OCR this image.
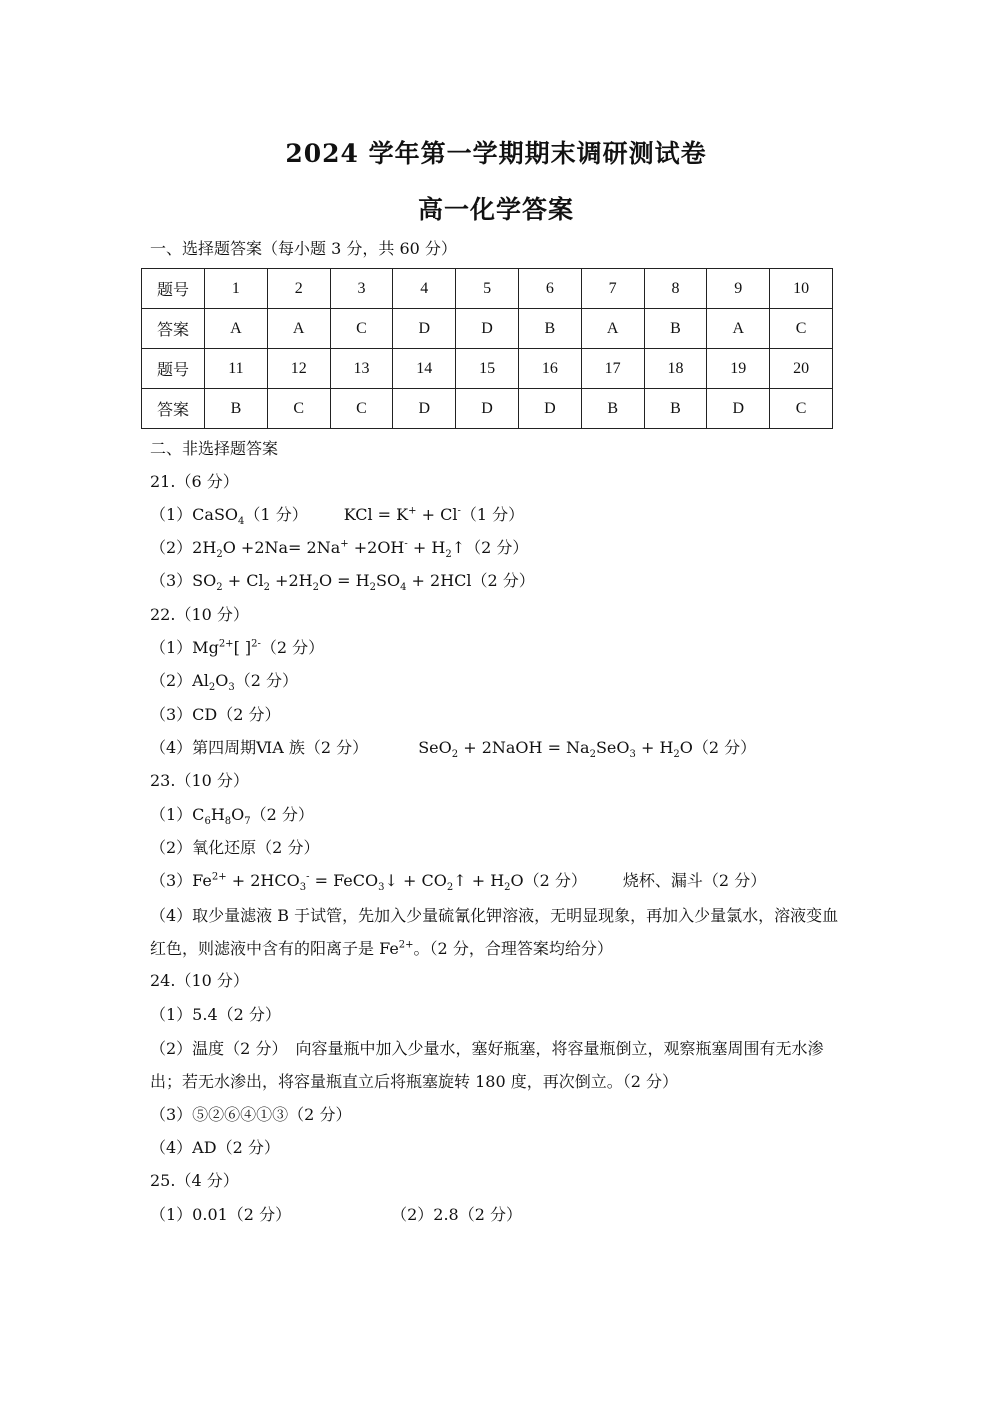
2024 学年第一学期期末调研测试卷
高一化学答案
一、选择题答案（每小题 3 分，共 60 分）
题号	1	2	3	4	5	6	7	8	9	10
答案	A	A	C	D	D	B	A	B	A	C
题号	11	12	13	14	15	16	17	18	19	20
答案	B	C	C	D	D	D	B	B	D	C
二、非选择题答案
21.（6 分）
（1）CaSO$_4$（1 分） KCl = K+ + Cl-（1 分）
$(2)2H_2O +2Na= 2Na^+ +2OH^-$ + $H_2↑(2$ 分）
$(3)SO_2 + Cl_2 +2H_2O = H_2SO_4 + 2HCl(2$ 分）
22.（10 分）
$(1)Mg^{2+}$[ ]$^{2-}$（2 分）
$(2)Al_2O_3(2$ 分）
（3）CD（2 分）
（4）第四周期ⅥA 族（2 分）	SeO$_2$ + 2NaOH = $Na_2SeO_3 + H_2O(2$ 分）
23.（10 分）
$(1)C_6H_8O_7(2$ 分）
（2）氧化还原（2 分）
$(3)Fe^{2+} + 2HCO_3^-$ = FeCO$_3$↓ + $CO_2↑ + H_2O(2$ 分） 烧杯、漏斗（2 分）
（4）取少量滤液 B 于试管，先加入少量硫氰化钾溶液，无明显现象，再加入少量氯水，溶液变血红色，则滤液中含有的阳离子是 $Fe^{2+}$。（2 分，合理答案均给分）
24.（10 分）
（1）5.4（2 分）
（2）温度（2 分）　向容量瓶中加入少量水，塞好瓶塞，将容量瓶倒立，观察瓶塞周围有无水渗出；若无水渗出，将容量瓶直立后将瓶塞旋转 180 度，再次倒立。（2 分）
（3）⑤②⑥④①③（2 分）
（4）AD（2 分）
25.（4 分）
（1）0.01（2 分）	（2）2.8（2 分）
